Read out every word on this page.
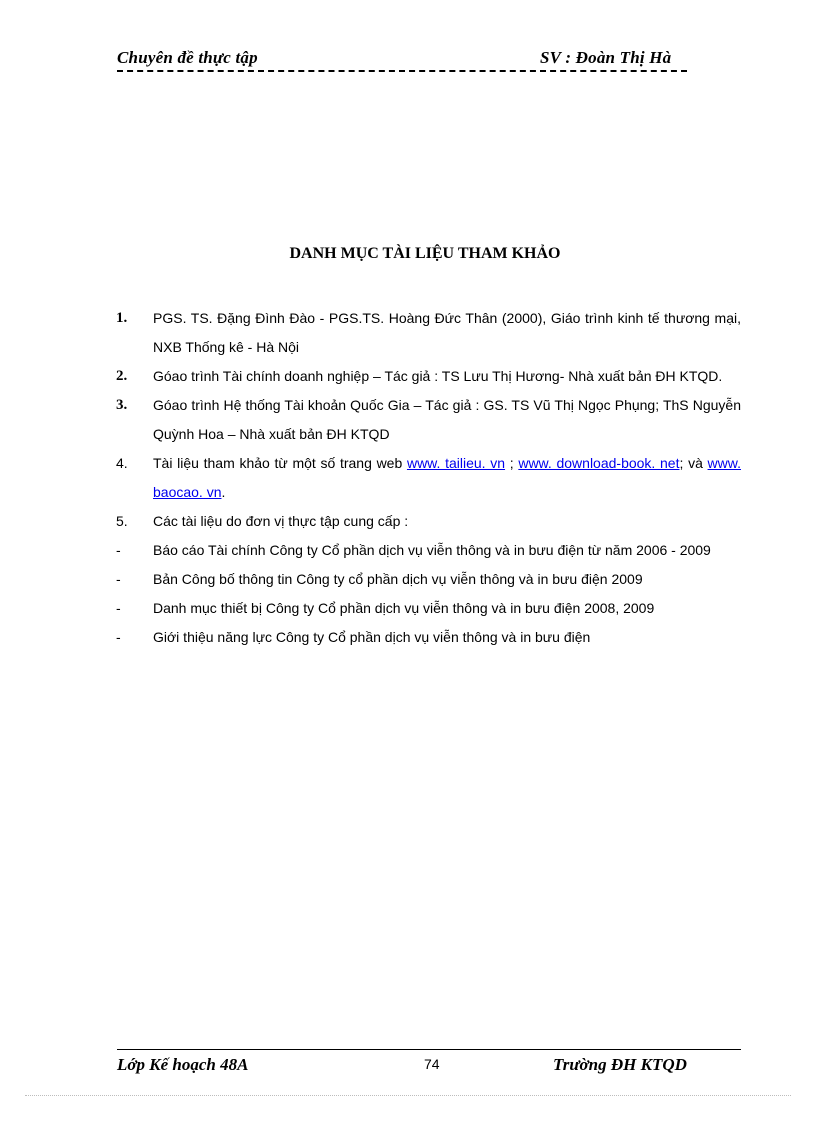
Chuyên đề thực tập	SV : Đoàn Thị Hà
DANH MỤC TÀI LIỆU THAM KHẢO
1.	PGS. TS. Đặng Đình Đào - PGS.TS. Hoàng Đức Thân (2000), Giáo trình kinh tế thương mại, NXB Thống kê - Hà Nội
2.	Góao trình Tài chính doanh nghiệp – Tác giả : TS Lưu Thị Hương- Nhà xuất bản ĐH KTQD.
3.	Góao trình Hệ thống Tài khoản Quốc Gia – Tác giả : GS. TS Vũ Thị Ngọc Phụng; ThS Nguyễn Quỳnh Hoa – Nhà xuất bản ĐH KTQD
4.	Tài liệu tham khảo từ một số trang web www. tailieu. vn ; www. download-book. net; và www. baocao. vn.
5.	Các tài liệu do đơn vị thực tập cung cấp :
-	Báo cáo Tài chính Công ty Cổ phần dịch vụ viễn thông và in bưu điện từ năm 2006 - 2009
-	Bản Công bố thông tin Công ty cổ phần dịch vụ viễn thông và in bưu điện 2009
-	Danh mục thiết bị Công ty Cổ phần dịch vụ viễn thông và in bưu điện 2008, 2009
-	Giới thiệu năng lực Công ty Cổ phần dịch vụ viễn thông và in bưu điện
Lớp Kế hoạch 48A	74	Trường ĐH KTQD
